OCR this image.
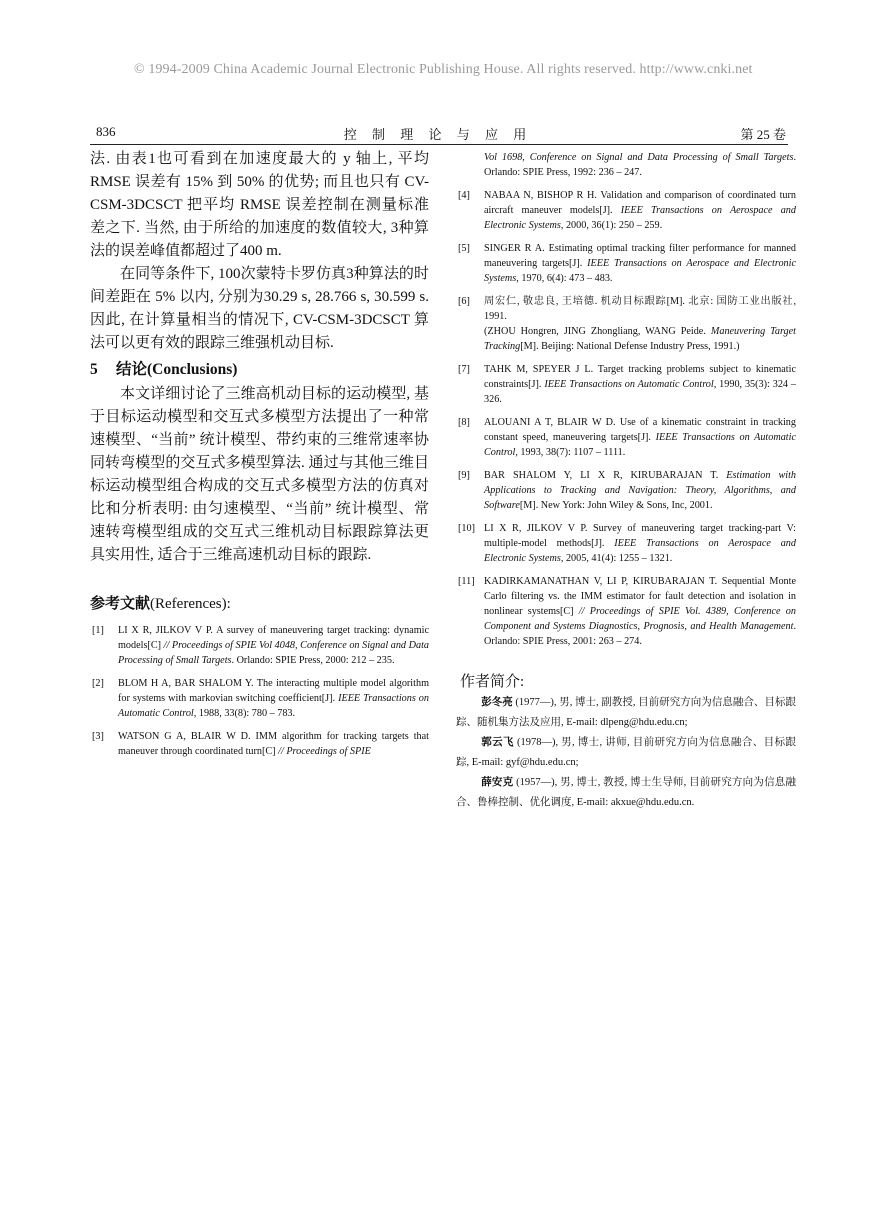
© 1994-2009 China Academic Journal Electronic Publishing House. All rights reserved. http://www.cnki.net
836	控 制 理 论 与 应 用	第 25 卷

法. 由表1也可看到在加速度最大的 y 轴上, 平均 RMSE 误差有 15% 到 50% 的优势; 而且也只有 CV-CSM-3DCSCT 把平均 RMSE 误差控制在测量标准差之下. 当然, 由于所给的加速度的数值较大, 3种算法的误差峰值都超过了400 m.

在同等条件下, 100次蒙特卡罗仿真3种算法的时间差距在 5% 以内, 分别为30.29 s, 28.766 s, 30.599 s. 因此, 在计算量相当的情况下, CV-CSM-3DCSCT 算法可以更有效的跟踪三维强机动目标.

5 结论(Conclusions)

本文详细讨论了三维高机动目标的运动模型, 基于目标运动模型和交互式多模型方法提出了一种常速模型、“当前” 统计模型、带约束的三维常速率协同转弯模型的交互式多模型算法. 通过与其他三维目标运动模型组合构成的交互式多模型方法的仿真对比和分析表明: 由匀速模型、“当前” 统计模型、常速转弯模型组成的交互式三维机动目标跟踪算法更具实用性, 适合于三维高速机动目标的跟踪.

参考文献(References):
[1]	LI X R, JILKOV V P. A survey of maneuvering target tracking: dynamic models[C] // Proceedings of SPIE Vol 4048, Conference on Signal and Data Processing of Small Targets. Orlando: SPIE Press, 2000: 212 – 235.
[2]	BLOM H A, BAR SHALOM Y. The interacting multiple model algorithm for systems with markovian switching coefficient[J]. IEEE Transactions on Automatic Control, 1988, 33(8): 780 – 783.
[3]	WATSON G A, BLAIR W D. IMM algorithm for tracking targets that maneuver through coordinated turn[C] // Proceedings of SPIE
Vol 1698, Conference on Signal and Data Processing of Small Targets. Orlando: SPIE Press, 1992: 236 – 247.
[4]	NABAA N, BISHOP R H. Validation and comparison of coordinated turn aircraft maneuver models[J]. IEEE Transactions on Aerospace and Electronic Systems, 2000, 36(1): 250 – 259.
[5]	SINGER R A. Estimating optimal tracking filter performance for manned maneuvering targets[J]. IEEE Transactions on Aerospace and Electronic Systems, 1970, 6(4): 473 – 483.
[6]	周宏仁, 敬忠良, 王培德. 机动目标跟踪[M]. 北京: 国防工业出版社, 1991.
(ZHOU Hongren, JING Zhongliang, WANG Peide. Maneuvering Target Tracking[M]. Beijing: National Defense Industry Press, 1991.)
[7]	TAHK M, SPEYER J L. Target tracking problems subject to kinematic constraints[J]. IEEE Transactions on Automatic Control, 1990, 35(3): 324 – 326.
[8]	ALOUANI A T, BLAIR W D. Use of a kinematic constraint in tracking constant speed, maneuvering targets[J]. IEEE Transactions on Automatic Control, 1993, 38(7): 1107 – 1111.
[9]	BAR SHALOM Y, LI X R, KIRUBARAJAN T. Estimation with Applications to Tracking and Navigation: Theory, Algorithms, and Software[M]. New York: John Wiley & Sons, Inc, 2001.
[10] LI X R, JILKOV V P. Survey of maneuvering target tracking-part V: multiple-model methods[J]. IEEE Transactions on Aerospace and Electronic Systems, 2005, 41(4): 1255 – 1321.
[11] KADIRKAMANATHAN V, LI P, KIRUBARAJAN T. Sequential Monte Carlo filtering vs. the IMM estimator for fault detection and isolation in nonlinear systems[C] // Proceedings of SPIE Vol. 4389, Conference on Component and Systems Diagnostics, Prognosis, and Health Management. Orlando: SPIE Press, 2001: 263 – 274.
作者简介:
彭冬亮 (1977—), 男, 博士, 副教授, 目前研究方向为信息融合、目标跟踪、随机集方法及应用, E-mail: dlpeng@hdu.edu.cn;
郭云飞 (1978—), 男, 博士, 讲师, 目前研究方向为信息融合、目标跟踪, E-mail: gyf@hdu.edu.cn;
薛安克 (1957—), 男, 博士, 教授, 博士生导师, 目前研究方向为信息融合、鲁棒控制、优化调度, E-mail: akxue@hdu.edu.cn.
